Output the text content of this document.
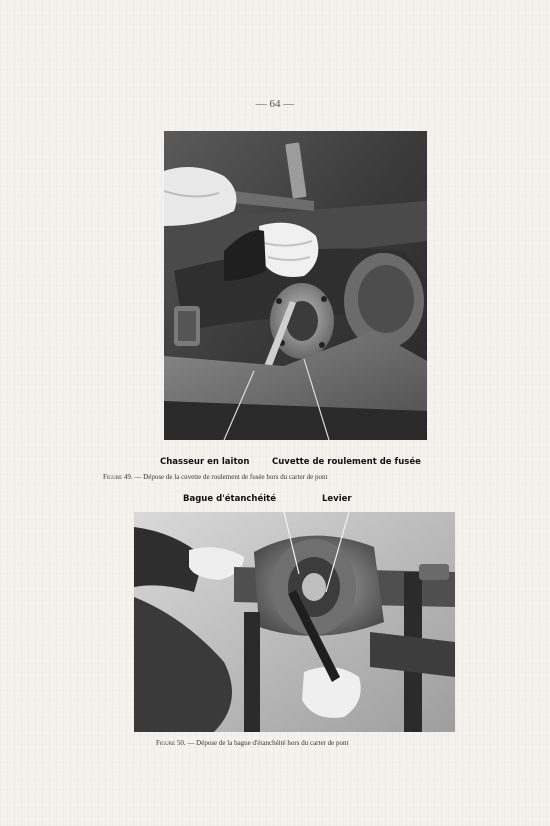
— 64 —
Chasseur en laiton	Cuvette de roulement de fusée
Figure 49. — Dépose de la cuvette de roulement de fusée hors du carter de pont
Bague d'étanchéité	Levier
Figure 50. — Dépose de la bague d'étanchéité hors du carter de pont
